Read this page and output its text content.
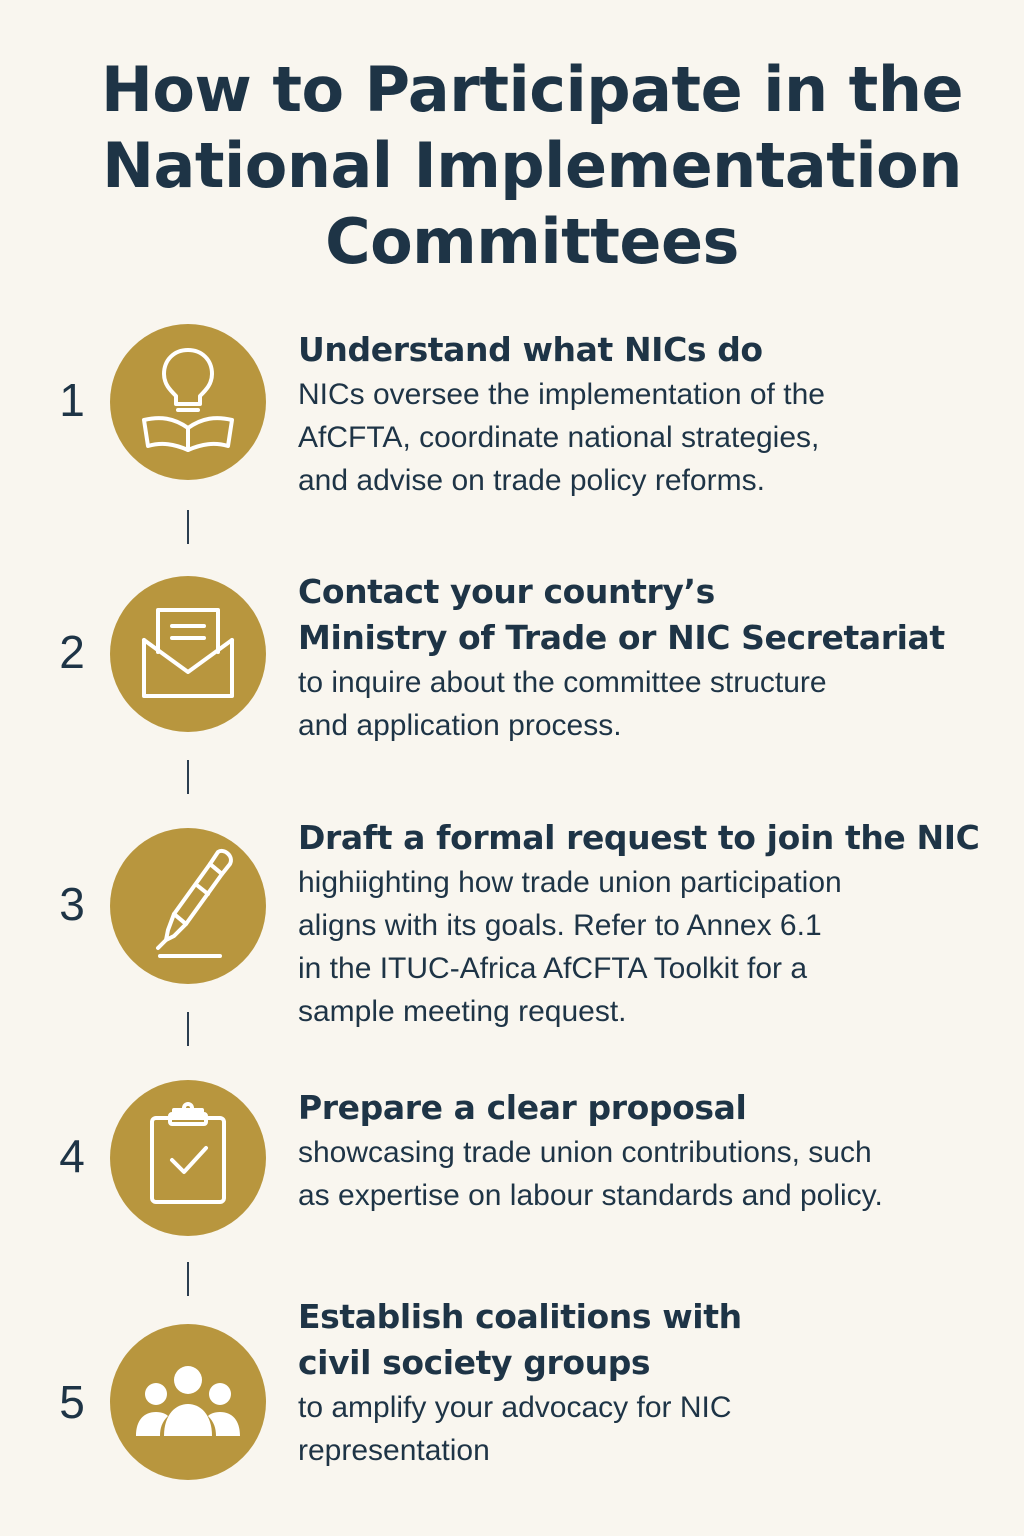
How to Participate in the
National Implementation
Committees
1
Understand what NICs do
NICs oversee the implementation of the
AfCFTA, coordinate national strategies,
and advise on trade policy reforms.
2
Contact your country’s
Ministry of Trade or NIC Secretariat
to inquire about the committee structure
and application process.
3
Draft a formal request to join the NIC
highiighting how trade union participation
aligns with its goals. Refer to Annex 6.1
in the ITUC-Africa AfCFTA Toolkit for a
sample meeting request.
4
Prepare a clear proposal
showcasing trade union contributions, such
as expertise on labour standards and policy.
5
Establish coalitions with
civil society groups
to amplify your advocacy for NIC
representation
